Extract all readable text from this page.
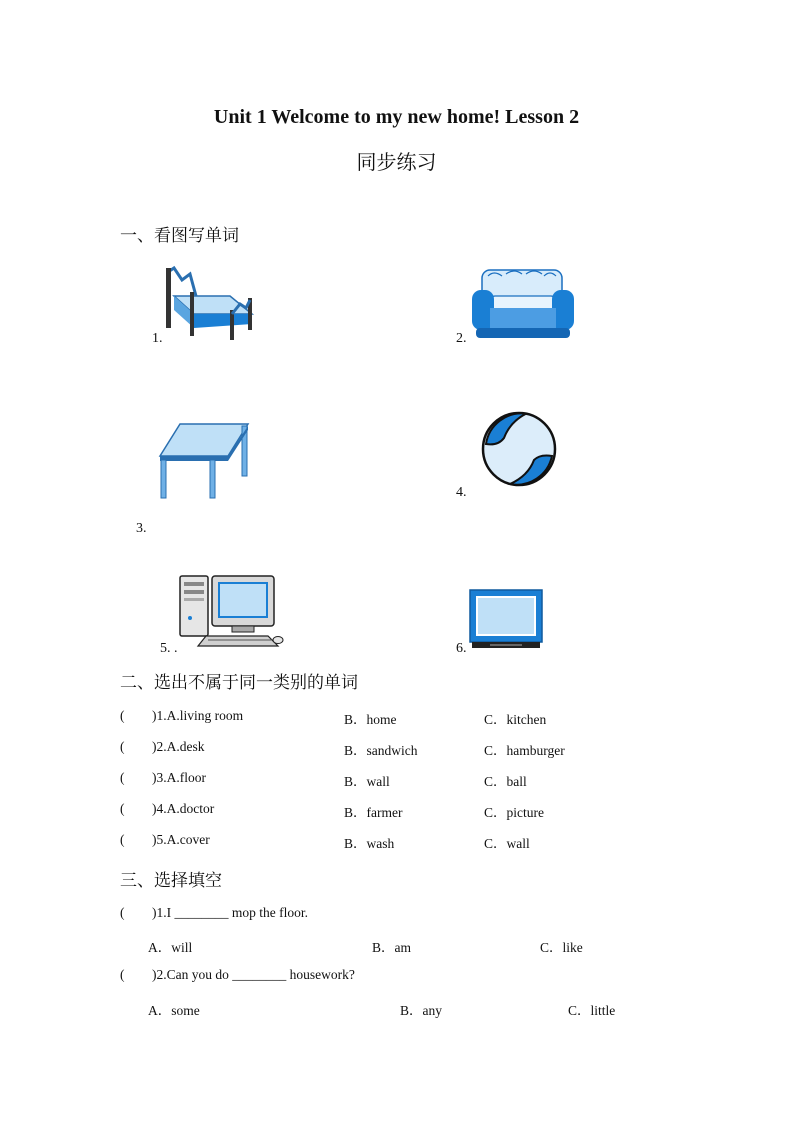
Unit 1 Welcome to my new home! Lesson 2
同步练习
一、看图写单词
1.	2.
3.
4.
5. .	6.
二、选出不属于同一类别的单词
( )1.A.living room	B．home	C．kitchen
( )2.A.desk	B．sandwich	C．hamburger
( )3.A.floor	B．wall	C．ball
( )4.A.doctor	B．farmer	C．picture
( )5.A.cover	B．wash	C．wall
三、选择填空
( )1.I ________ mop the floor.
A．will	B．am	C．like
( )2.Can you do ________ housework?
A．some	B．any	C．little
